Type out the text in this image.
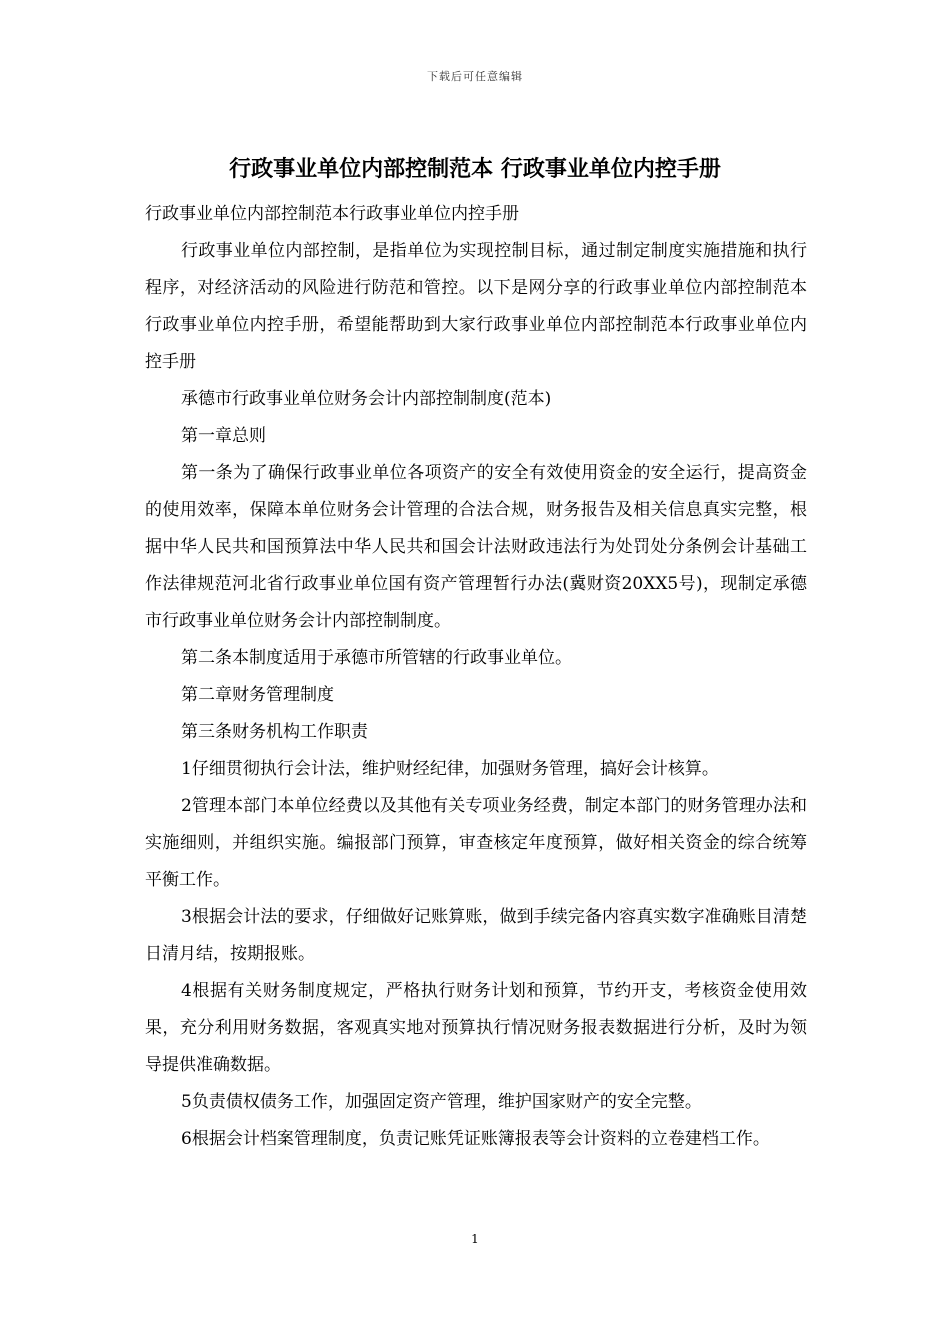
下载后可任意编辑
行政事业单位内部控制范本 行政事业单位内控手册

行政事业单位内部控制范本行政事业单位内控手册

行政事业单位内部控制，是指单位为实现控制目标，通过制定制度实施措施和执行程序，对经济活动的风险进行防范和管控。以下是网分享的行政事业单位内部控制范本行政事业单位内控手册，希望能帮助到大家行政事业单位内部控制范本行政事业单位内控手册

承德市行政事业单位财务会计内部控制制度(范本)

第一章总则

第一条为了确保行政事业单位各项资产的安全有效使用资金的安全运行，提高资金的使用效率，保障本单位财务会计管理的合法合规，财务报告及相关信息真实完整，根据中华人民共和国预算法中华人民共和国会计法财政违法行为处罚处分条例会计基础工作法律规范河北省行政事业单位国有资产管理暂行办法(冀财资20XX5号)，现制定承德市行政事业单位财务会计内部控制制度。

第二条本制度适用于承德市所管辖的行政事业单位。

第二章财务管理制度

第三条财务机构工作职责

1仔细贯彻执行会计法，维护财经纪律，加强财务管理，搞好会计核算。

2管理本部门本单位经费以及其他有关专项业务经费，制定本部门的财务管理办法和实施细则，并组织实施。编报部门预算，审查核定年度预算，做好相关资金的综合统筹平衡工作。

3根据会计法的要求，仔细做好记账算账，做到手续完备内容真实数字准确账目清楚日清月结，按期报账。

4根据有关财务制度规定，严格执行财务计划和预算，节约开支，考核资金使用效果，充分利用财务数据，客观真实地对预算执行情况财务报表数据进行分析，及时为领导提供准确数据。

5负责债权债务工作，加强固定资产管理，维护国家财产的安全完整。

6根据会计档案管理制度，负责记账凭证账簿报表等会计资料的立卷建档工作。

1
